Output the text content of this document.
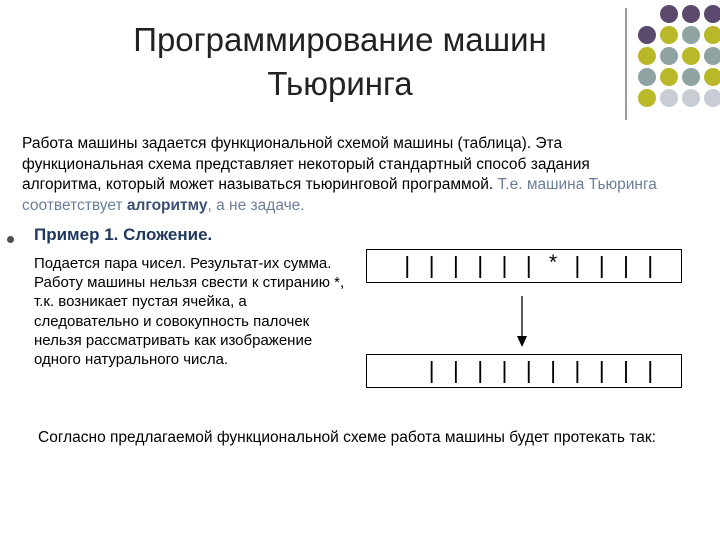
Программирование машин Тьюринга
Работа машины задается функциональной схемой машины (таблица). Эта функциональная схема представляет некоторый стандартный способ задания алгоритма, который может называться тьюринговой программой. Т.е. машина Тьюринга соответствует алгоритму, а не задаче.
Пример 1. Сложение.
Подается пара чисел. Результат-их сумма. Работу машины нельзя свести к стиранию *, т.к. возникает пустая ячейка, а следовательно и совокупность палочек нельзя рассматривать как изображение одного натурального числа.
| | | | | | * | | | |
| | | | | | | | | |
Согласно предлагаемой функциональной схеме работа машины будет протекать так:
